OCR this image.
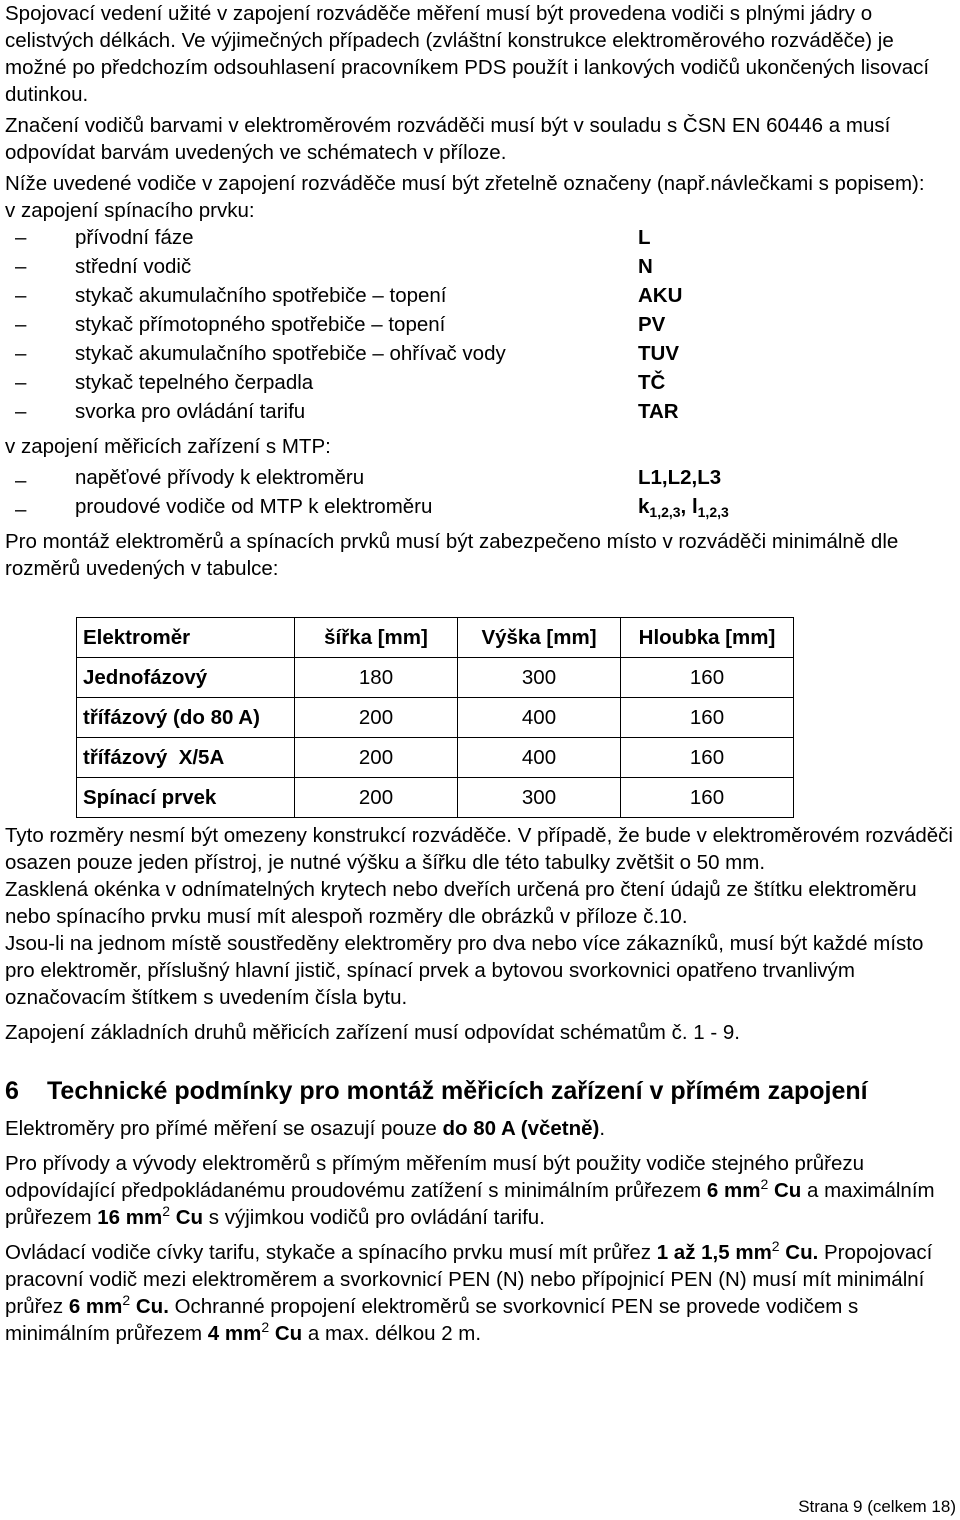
Spojovací vedení užité v zapojení rozváděče měření musí být provedena vodiči s plnými jádry o celistvých délkách. Ve výjimečných případech (zvláštní konstrukce elektroměrového rozváděče) je možné po předchozím odsouhlasení pracovníkem PDS použít i lankových vodičů ukončených lisovací dutinkou.

Značení vodičů barvami v elektroměrovém rozváděči musí být v souladu s ČSN EN 60446 a musí odpovídat barvám uvedených ve schématech v příloze.

Níže uvedené vodiče v zapojení rozváděče musí být zřetelně označeny (např.návlečkami s popisem):

v zapojení spínacího prvku:

–	přívodní fáze	L
–	střední vodič	N
–	stykač akumulačního spotřebiče – topení	AKU
–	stykač přímotopného spotřebiče – topení	PV
–	stykač akumulačního spotřebiče – ohřívač vody	TUV
–	stykač tepelného čerpadla	TČ
–	svorka pro ovládání tarifu	TAR

v zapojení měřicích zařízení s MTP:

–	napěťové přívody k elektroměru	L1,L2,L3
–	proudové vodiče od MTP k elektroměru	$k_{1,2,3}$, $l_{1,2,3}$

Pro montáž elektroměrů a spínacích prvků musí být zabezpečeno místo v rozváděči minimálně dle rozměrů uvedených v tabulce:

Elektroměr	šířka [mm]	Výška [mm]	Hloubka [mm]
Jednofázový	180	300	160
třífázový (do 80 A)	200	400	160
třífázový  X/5A	200	400	160
Spínací prvek	200	300	160

Tyto rozměry nesmí být omezeny konstrukcí rozváděče. V případě, že bude v elektroměrovém rozváděči osazen pouze jeden přístroj, je nutné výšku a šířku dle této tabulky zvětšit o 50 mm.

Zasklená okénka v odnímatelných krytech nebo dveřích určená pro čtení údajů ze štítku elektroměru nebo spínacího prvku musí mít alespoň rozměry dle obrázků v příloze č.10.

Jsou-li na jednom místě soustředěny elektroměry pro dva nebo více zákazníků, musí být každé místo pro elektroměr, příslušný hlavní jistič, spínací prvek a bytovou svorkovnici opatřeno trvanlivým označovacím štítkem s uvedením čísla bytu.

Zapojení základních druhů měřicích zařízení musí odpovídat schématům č. 1 - 9.

6	Technické podmínky pro montáž měřicích zařízení v přímém zapojení

Elektroměry pro přímé měření se osazují pouze do 80 A (včetně).

Pro přívody a vývody elektroměrů s přímým měřením musí být použity vodiče stejného průřezu odpovídající předpokládanému proudovému zatížení s minimálním průřezem 6 $mm^2$ Cu a maximálním průřezem 16 $mm^2$ Cu s výjimkou vodičů pro ovládání tarifu.

Ovládací vodiče cívky tarifu, stykače a spínacího prvku musí mít průřez 1 až 1,5 $mm^2$ Cu. Propojovací pracovní vodič mezi elektroměrem a svorkovnicí PEN (N) nebo přípojnicí PEN (N) musí mít minimální průřez 6 $mm^2$ Cu. Ochranné propojení elektroměrů se svorkovnicí PEN se provede vodičem s minimálním průřezem 4 $mm^2$ Cu a max. délkou 2 m.

Strana 9 (celkem 18)
